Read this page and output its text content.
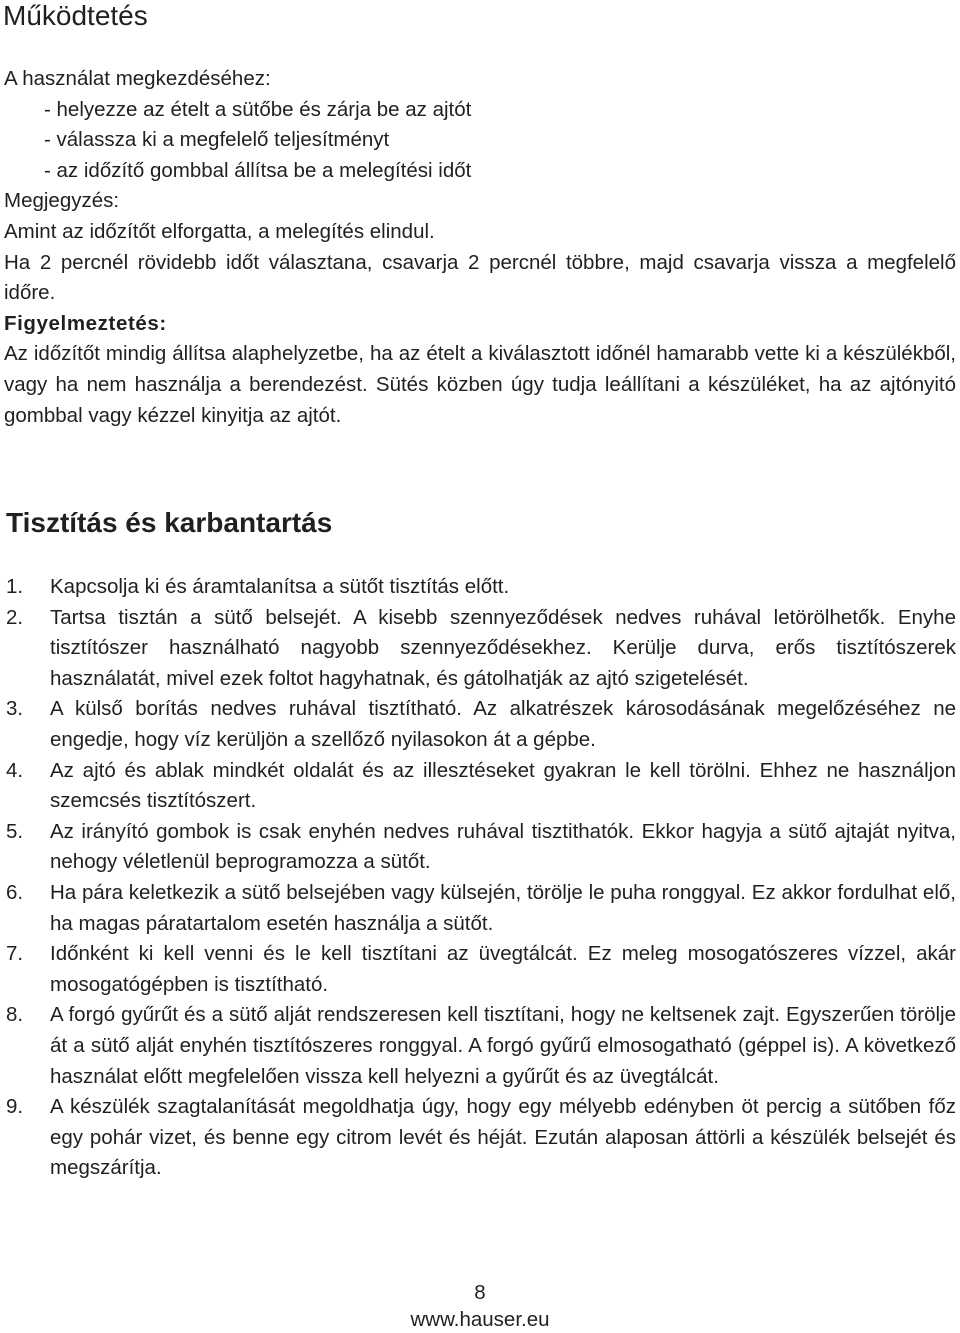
Működtetés
A használat megkezdéséhez:
- helyezze az ételt a sütőbe és zárja be az ajtót
- válassza ki a megfelelő teljesítményt
- az időzítő gombbal állítsa be a melegítési időt
Megjegyzés:
Amint az időzítőt elforgatta, a melegítés elindul.
Ha 2 percnél rövidebb időt választana, csavarja 2 percnél többre, majd csavarja vissza a megfelelő időre.
Figyelmeztetés:
Az időzítőt mindig állítsa alaphelyzetbe, ha az ételt a kiválasztott időnél hamarabb vette ki a készülékből, vagy ha nem használja a berendezést. Sütés közben úgy tudja leállítani a készüléket, ha az ajtónyitó gombbal vagy kézzel kinyitja az ajtót.
Tisztítás és karbantartás
1. Kapcsolja ki és áramtalanítsa a sütőt tisztítás előtt.
2. Tartsa tisztán a sütő belsejét. A kisebb szennyeződések nedves ruhával letörölhetők. Enyhe tisztítószer használható nagyobb szennyeződésekhez. Kerülje durva, erős tisztítószerek használatát, mivel ezek foltot hagyhatnak, és gátolhatják az ajtó szigetelését.
3. A külső borítás nedves ruhával tisztítható. Az alkatrészek károsodásának megelőzéséhez ne engedje, hogy víz kerüljön a szellőző nyilasokon át a gépbe.
4. Az ajtó és ablak mindkét oldalát és az illesztéseket gyakran le kell törölni. Ehhez ne használjon szemcsés tisztítószert.
5. Az irányító gombok is csak enyhén nedves ruhával tisztithatók. Ekkor hagyja a sütő ajtaját nyitva, nehogy véletlenül beprogramozza a sütőt.
6. Ha pára keletkezik a sütő belsejében vagy külsején, törölje le puha ronggyal. Ez akkor fordulhat elő, ha magas páratartalom esetén használja a sütőt.
7. Időnként ki kell venni és le kell tisztítani az üvegtálcát. Ez meleg mosogatószeres vízzel, akár mosogatógépben is tisztítható.
8. A forgó gyűrűt és a sütő alját rendszeresen kell tisztítani, hogy ne keltsenek zajt. Egyszerűen törölje át a sütő alját enyhén tisztítószeres ronggyal. A forgó gyűrű elmosogatható (géppel is). A következő használat előtt megfelelően vissza kell helyezni a gyűrűt és az üvegtálcát.
9. A készülék szagtalanítását megoldhatja úgy, hogy egy mélyebb edényben öt percig a sütőben főz egy pohár vizet, és benne egy citrom levét és héját. Ezután alaposan áttörli a készülék belsejét és megszárítja.
8
www.hauser.eu
